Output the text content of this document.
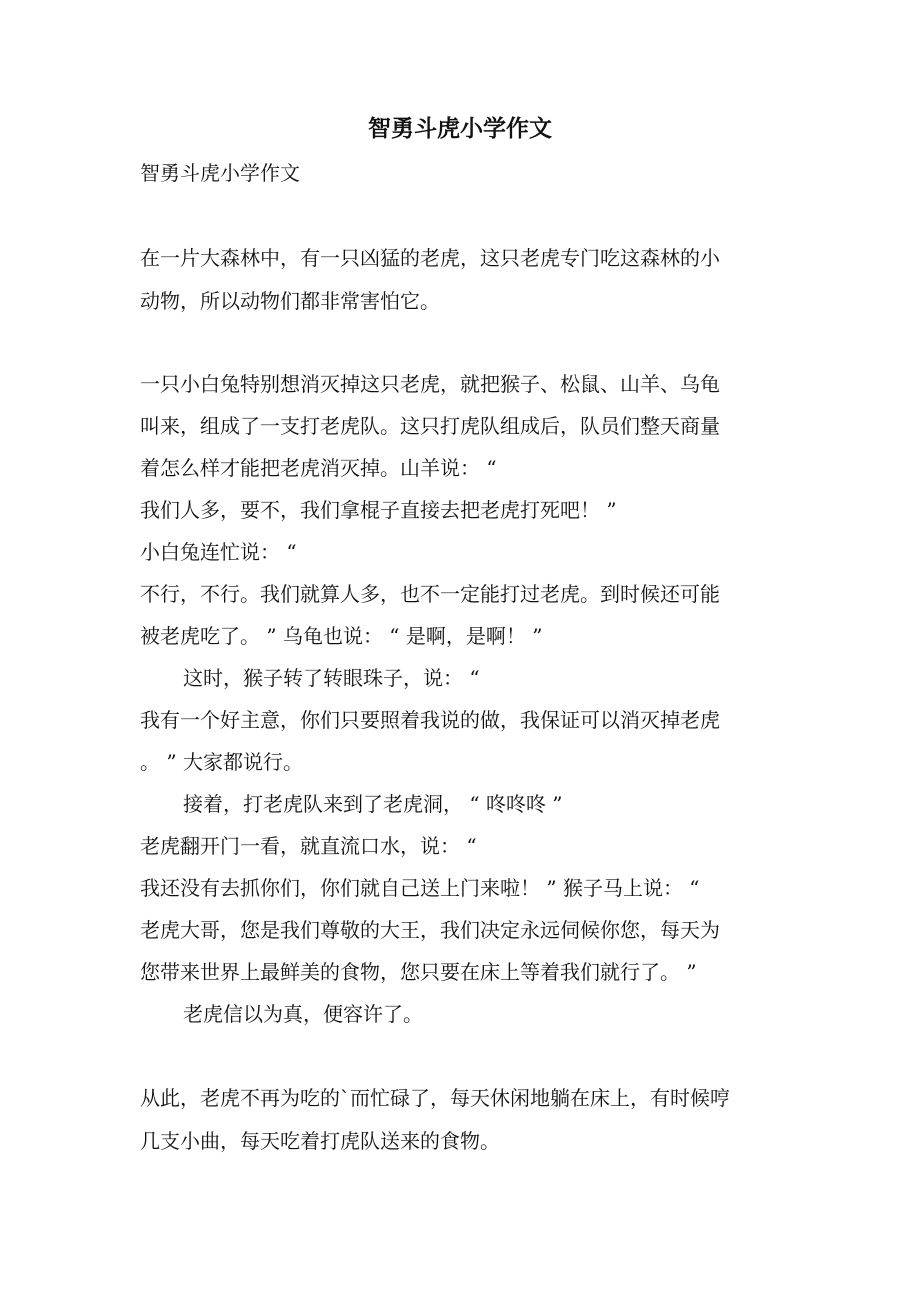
智勇斗虎小学作文
智勇斗虎小学作文
在一片大森林中，有一只凶猛的老虎，这只老虎专门吃这森林的小
动物，所以动物们都非常害怕它。
一只小白兔特别想消灭掉这只老虎，就把猴子、松鼠、山羊、乌龟
叫来，组成了一支打老虎队。这只打虎队组成后，队员们整天商量
着怎么样才能把老虎消灭掉。山羊说： “
我们人多，要不，我们拿棍子直接去把老虎打死吧！ ”
小白兔连忙说： “
不行，不行。我们就算人多，也不一定能打过老虎。到时候还可能
被老虎吃了。 ” 乌龟也说： “ 是啊，是啊！ ”
这时，猴子转了转眼珠子，说： “
我有一个好主意，你们只要照着我说的做，我保证可以消灭掉老虎
。 ” 大家都说行。
接着，打老虎队来到了老虎洞， “ 咚咚咚 ”
老虎翻开门一看，就直流口水，说： “
我还没有去抓你们，你们就自己送上门来啦！ ” 猴子马上说： “
老虎大哥，您是我们尊敬的大王，我们决定永远伺候你您，每天为
您带来世界上最鲜美的食物，您只要在床上等着我们就行了。 ”
老虎信以为真，便容许了。
从此，老虎不再为吃的`而忙碌了，每天休闲地躺在床上，有时候哼
几支小曲，每天吃着打虎队送来的食物。
